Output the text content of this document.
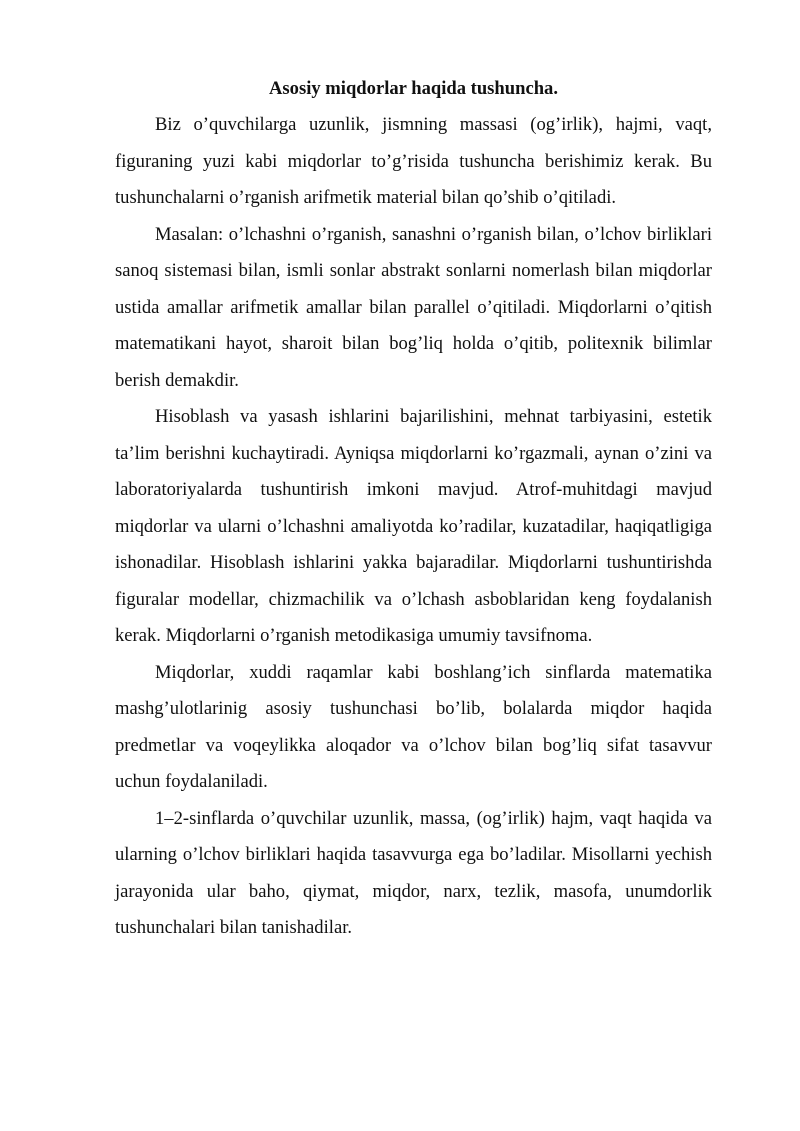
Asosiy miqdorlar haqida tushuncha.

Biz o’quvchilarga uzunlik, jismning massasi (og’irlik), hajmi, vaqt, figuraning yuzi kabi miqdorlar to’g’risida tushuncha berishimiz kerak. Bu tushunchalarni o’rganish arifmetik material bilan qo’shib o’qitiladi.

Masalan: o’lchashni o’rganish, sanashni o’rganish bilan, o’lchov birliklari sanoq sistemasi bilan, ismli sonlar abstrakt sonlarni nomerlash bilan miqdorlar ustida amallar arifmetik amallar bilan parallel o’qitiladi. Miqdorlarni o’qitish matematikani hayot, sharoit bilan bog’liq holda o’qitib, politexnik bilimlar berish demakdir.

Hisoblash va yasash ishlarini bajarilishini, mehnat tarbiyasini, estetik ta’lim berishni kuchaytiradi. Ayniqsa miqdorlarni ko’rgazmali, aynan o’zini va laboratoriyalarda tushuntirish imkoni mavjud. Atrof-muhitdagi mavjud miqdorlar va ularni o’lchashni amaliyotda ko’radilar, kuzatadilar, haqiqatligiga ishonadilar. Hisoblash ishlarini yakka bajaradilar. Miqdorlarni tushuntirishda figuralar modellar, chizmachilik va o’lchash asboblaridan keng foydalanish kerak. Miqdorlarni o’rganish metodikasiga umumiy tavsifnoma.

Miqdorlar, xuddi raqamlar kabi boshlang’ich sinflarda matematika mashg’ulotlarinig asosiy tushunchasi bo’lib, bolalarda miqdor haqida predmetlar va voqeylikka aloqador va o’lchov bilan bog’liq sifat tasavvur uchun foydalaniladi.

1–2-sinflarda o’quvchilar uzunlik, massa, (og’irlik) hajm, vaqt haqida va ularning o’lchov birliklari haqida tasavvurga ega bo’ladilar. Misollarni yechish jarayonida ular baho, qiymat, miqdor, narx, tezlik, masofa, unumdorlik tushunchalari bilan tanishadilar.
